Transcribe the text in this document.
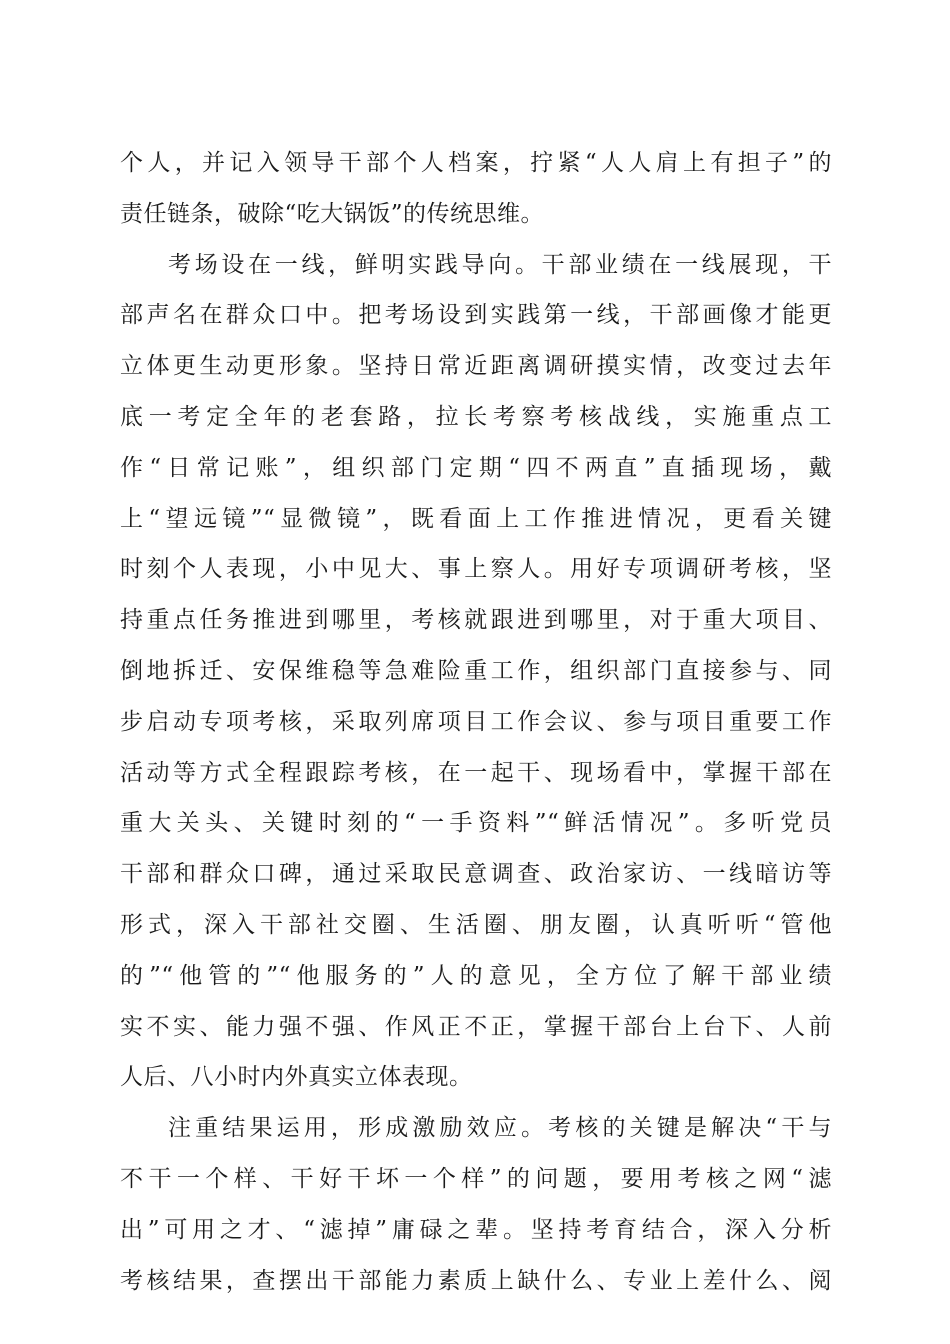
个人，并记入领导干部个人档案，拧紧“人人肩上有担子”的
责任链条，破除“吃大锅饭”的传统思维。
考场设在一线，鲜明实践导向。干部业绩在一线展现，干
部声名在群众口中。把考场设到实践第一线，干部画像才能更
立体更生动更形象。坚持日常近距离调研摸实情，改变过去年
底一考定全年的老套路，拉长考察考核战线，实施重点工
作“日常记账”，组织部门定期“四不两直”直插现场，戴
上“望远镜”“显微镜”，既看面上工作推进情况，更看关键
时刻个人表现，小中见大、事上察人。用好专项调研考核，坚
持重点任务推进到哪里，考核就跟进到哪里，对于重大项目、
倒地拆迁、安保维稳等急难险重工作，组织部门直接参与、同
步启动专项考核，采取列席项目工作会议、参与项目重要工作
活动等方式全程跟踪考核，在一起干、现场看中，掌握干部在
重大关头、关键时刻的“一手资料”“鲜活情况”。多听党员
干部和群众口碑，通过采取民意调查、政治家访、一线暗访等
形式，深入干部社交圈、生活圈、朋友圈，认真听听“管他
的”“他管的”“他服务的”人的意见，全方位了解干部业绩
实不实、能力强不强、作风正不正，掌握干部台上台下、人前
人后、八小时内外真实立体表现。
注重结果运用，形成激励效应。考核的关键是解决“干与
不干一个样、干好干坏一个样”的问题，要用考核之网“滤
出”可用之才、“滤掉”庸碌之辈。坚持考育结合，深入分析
考核结果，查摆出干部能力素质上缺什么、专业上差什么、阅
